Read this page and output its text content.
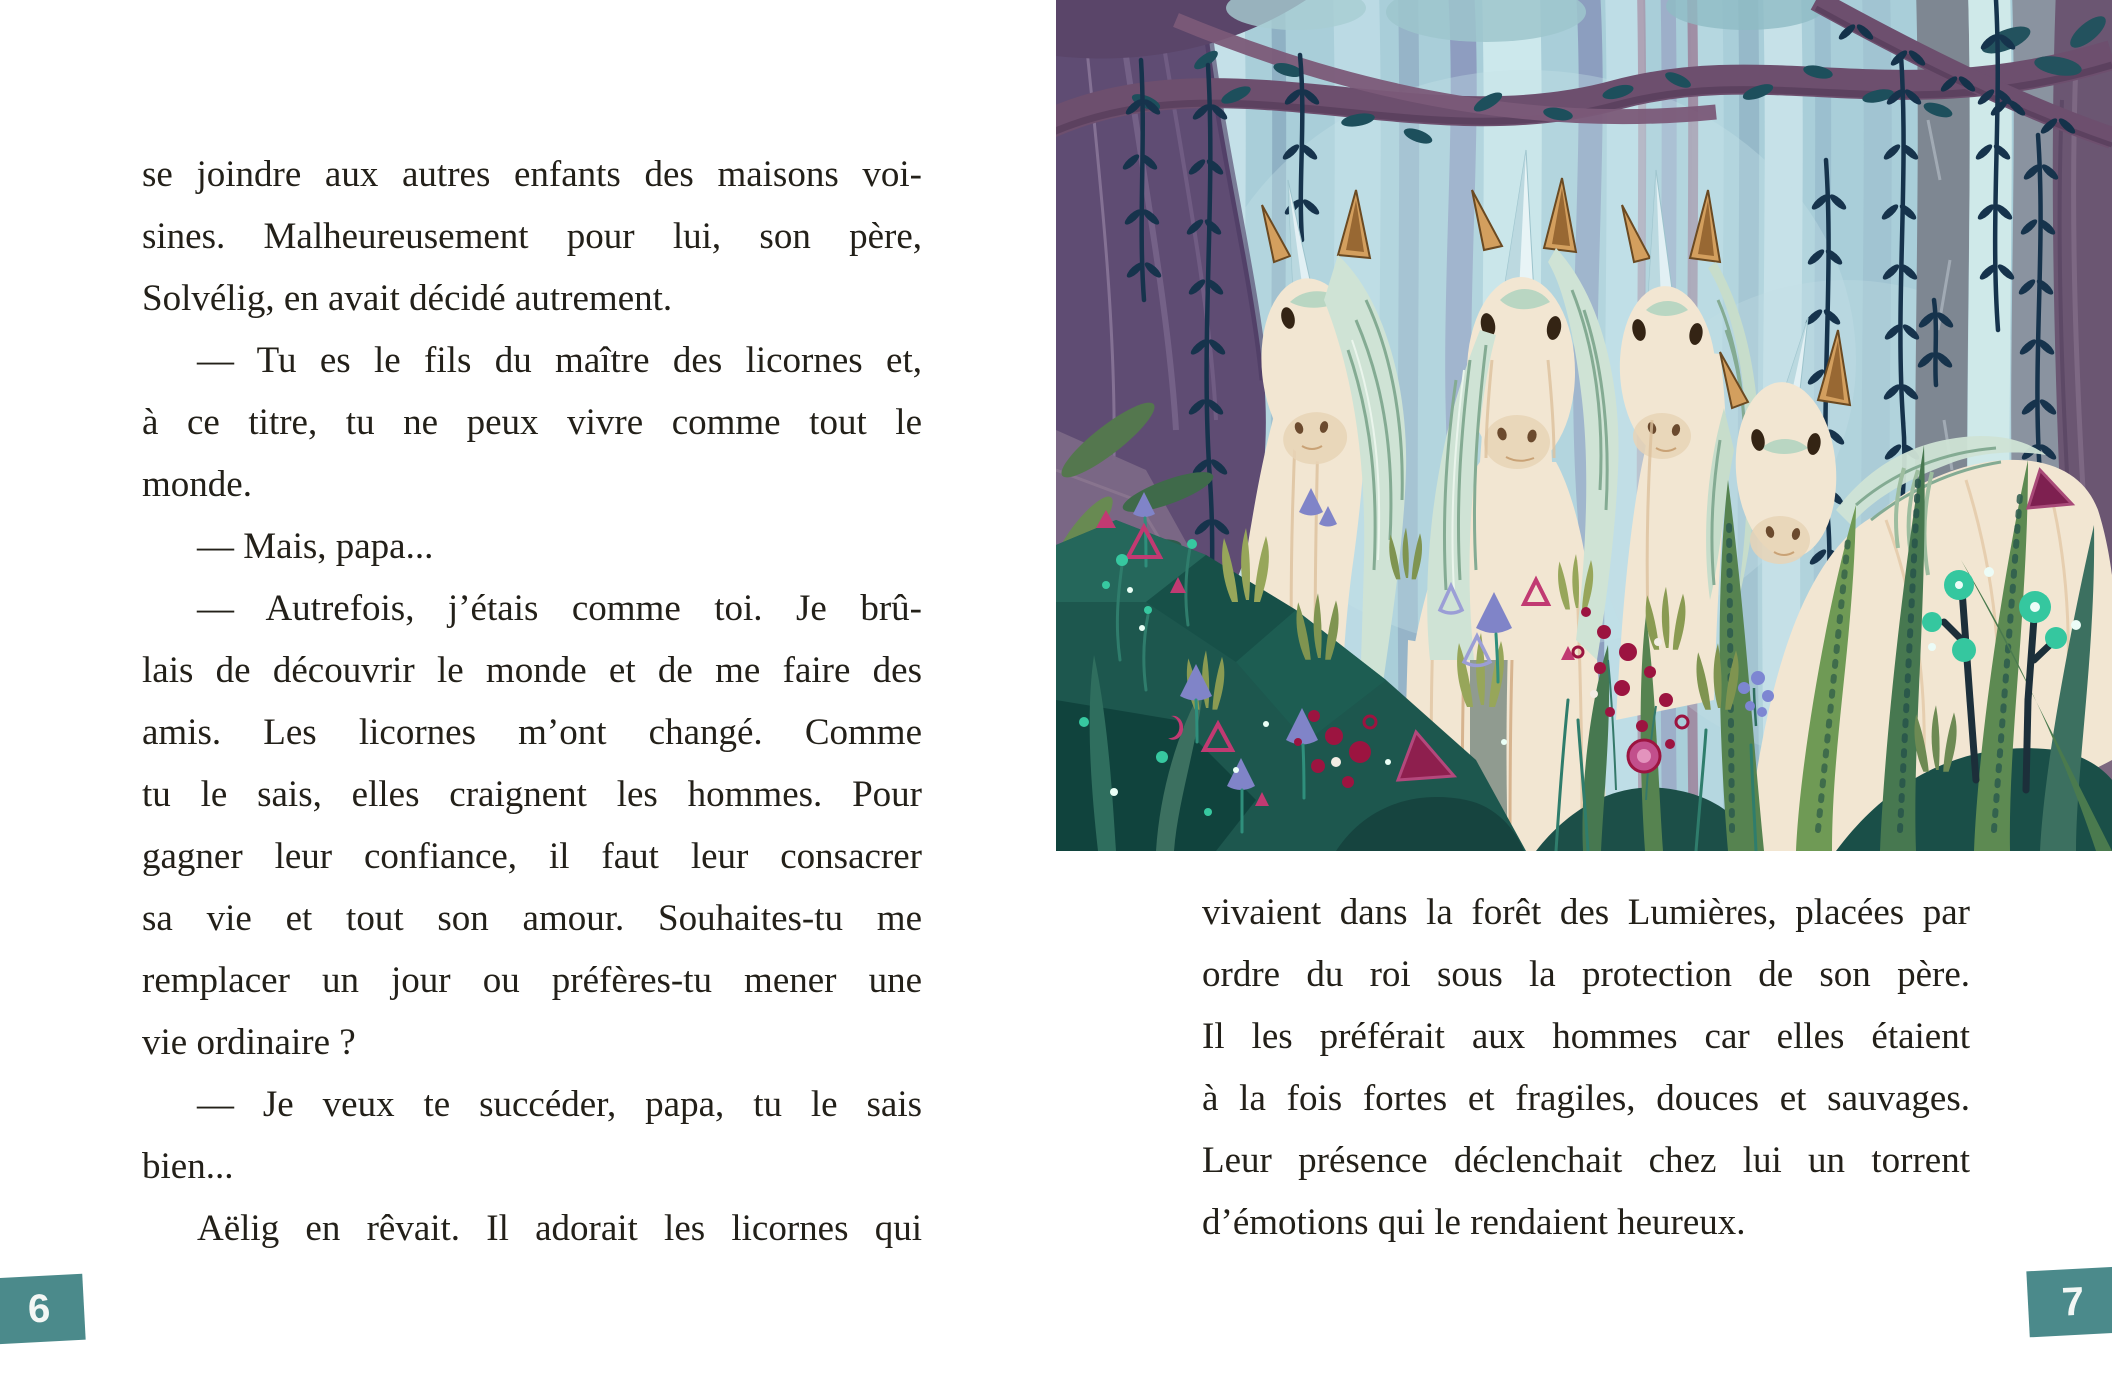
se joindre aux autres enfants des maisons voi-
sines. Malheureusement pour lui, son père,
Solvélig, en avait décidé autrement.
— Tu es le fils du maître des licornes et,
à ce titre, tu ne peux vivre comme tout le
monde.
— Mais, papa...
— Autrefois, j’étais comme toi. Je brû-
lais de découvrir le monde et de me faire des
amis. Les licornes m’ont changé. Comme
tu le sais, elles craignent les hommes. Pour
gagner leur confiance, il faut leur consacrer
sa vie et tout son amour. Souhaites-tu me
remplacer un jour ou préfères-tu mener une
vie ordinaire ?
— Je veux te succéder, papa, tu le sais
bien...
Aëlig en rêvait. Il adorait les licornes qui
6
vivaient dans la forêt des Lumières, placées par
ordre du roi sous la protection de son père.
Il les préférait aux hommes car elles étaient
à la fois fortes et fragiles, douces et sauvages.
Leur présence déclenchait chez lui un torrent
d’émotions qui le rendaient heureux.
7
